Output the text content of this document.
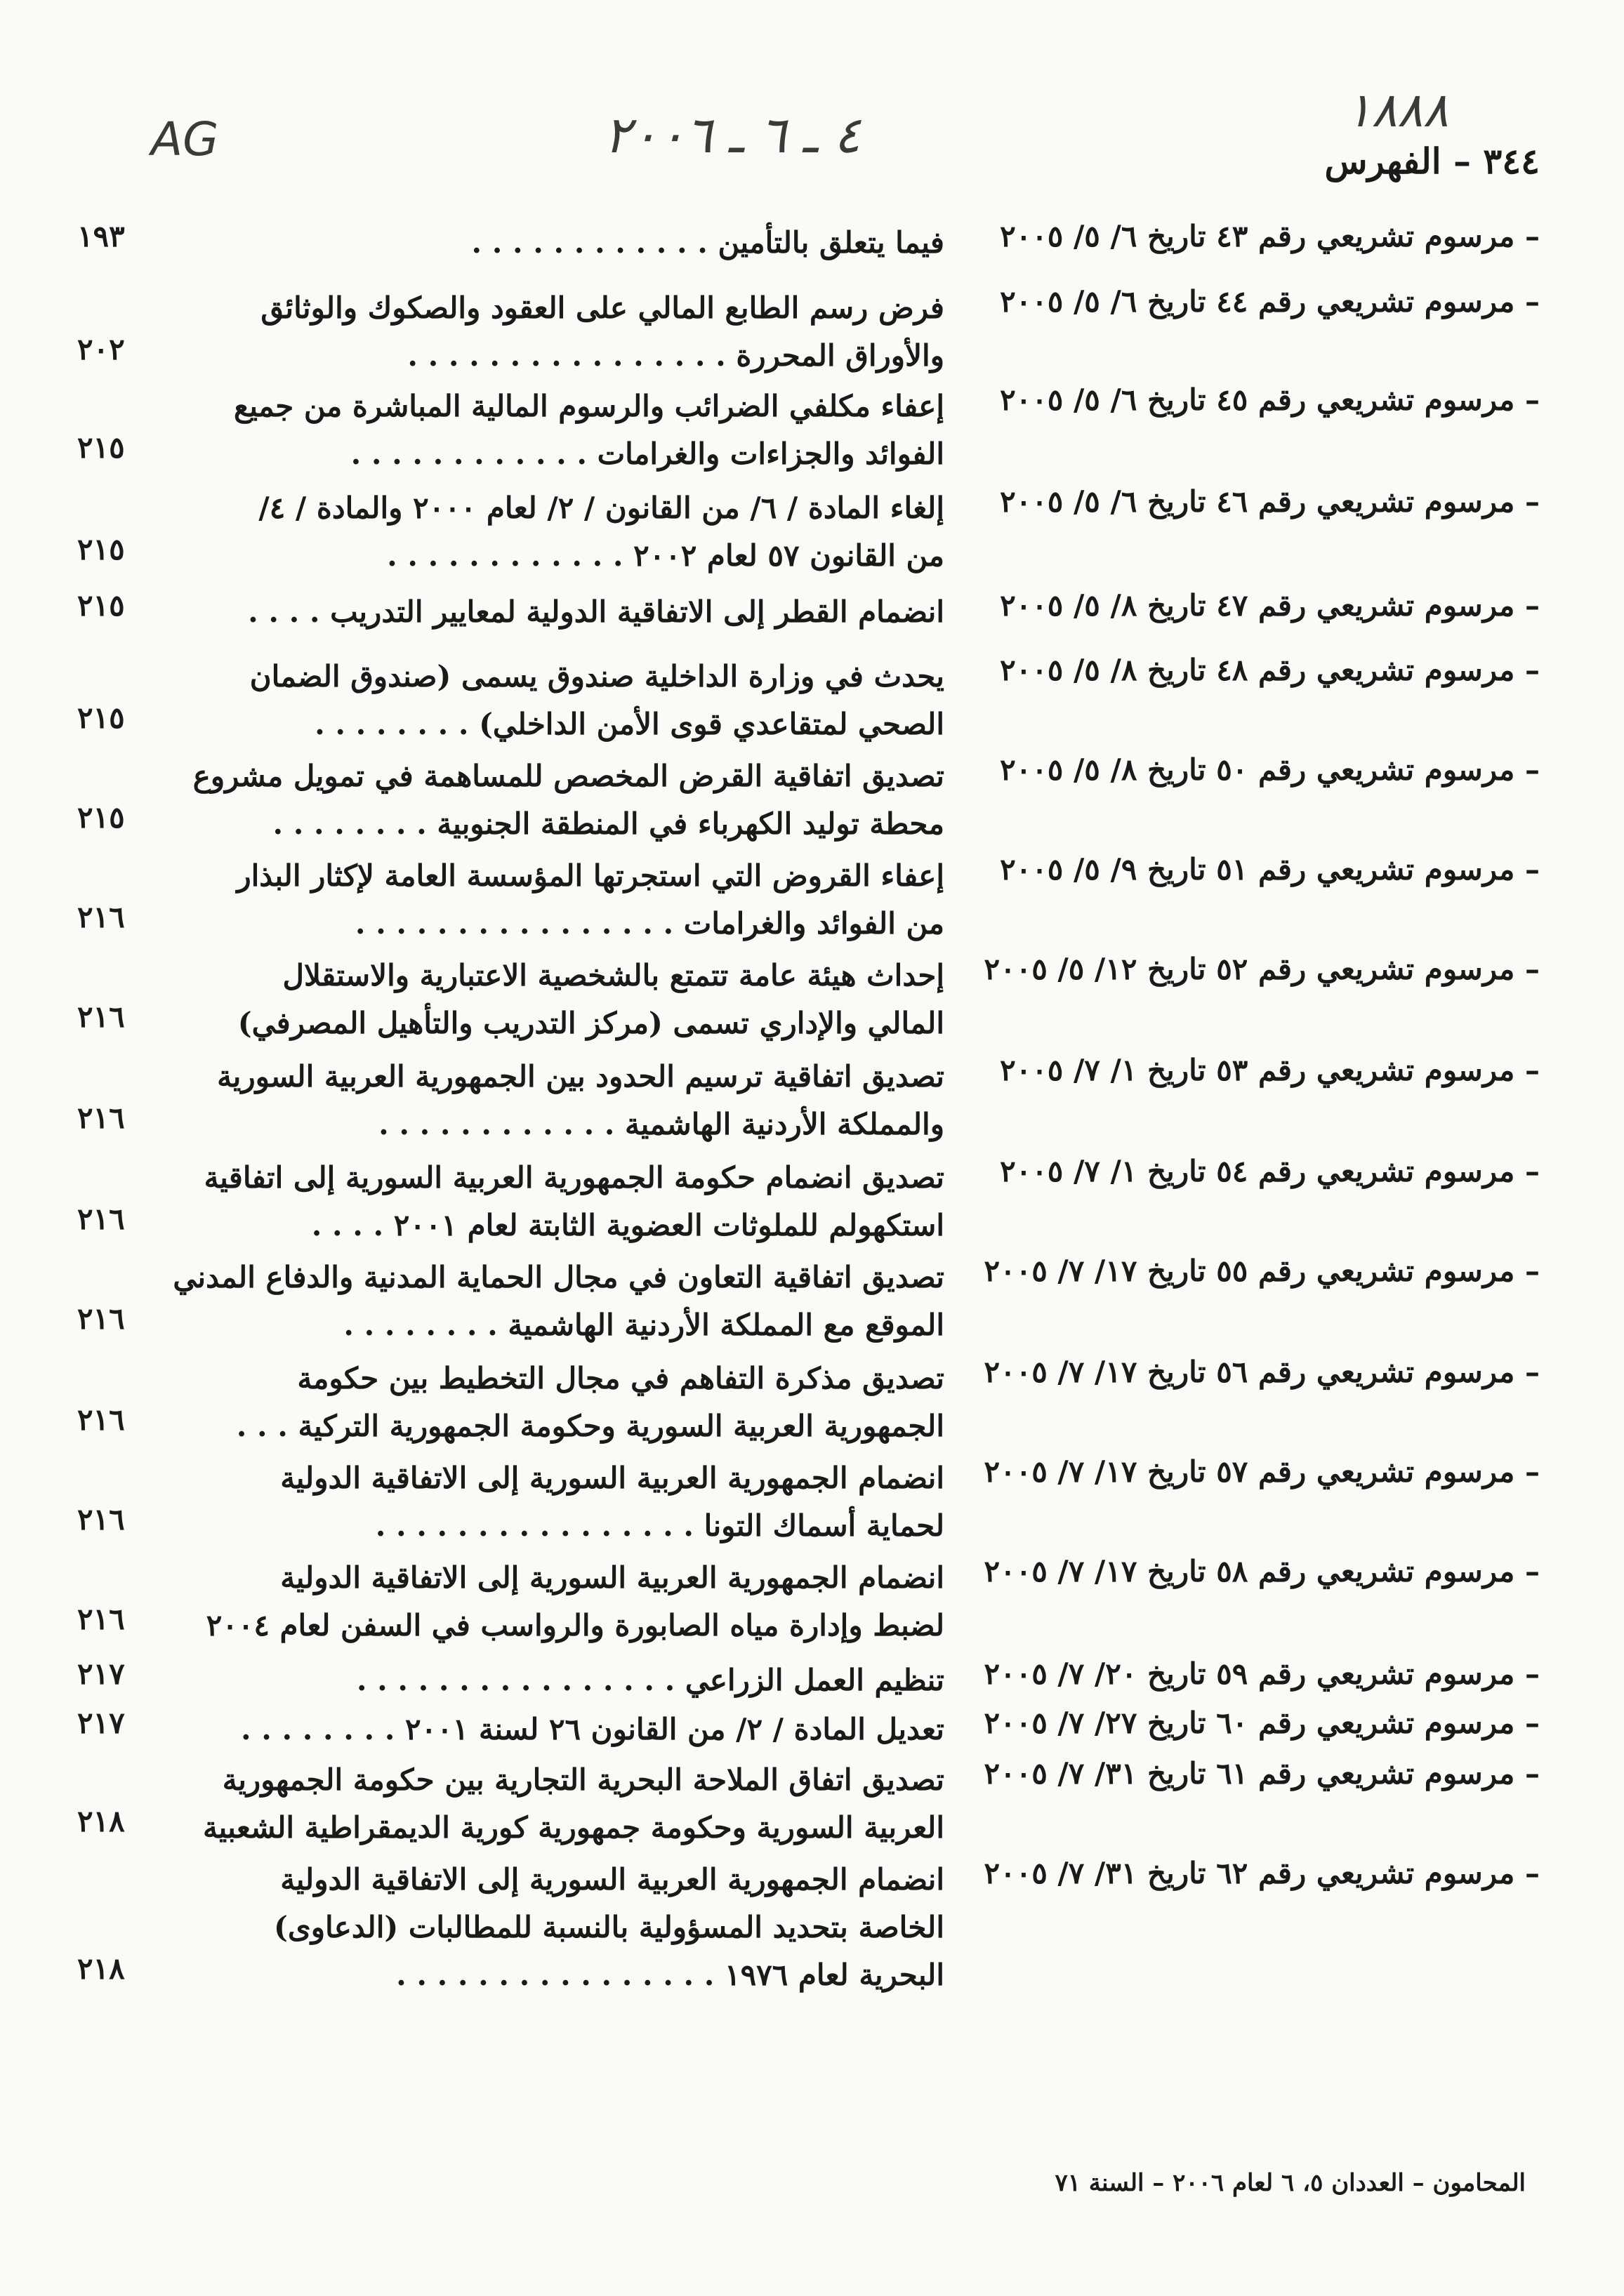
AG	٤ ـ ٦ ـ ٢٠٠٦	١٨٨٨
٣٤٤ – الفهرس
– مرسوم تشريعي رقم ٤٣ تاريخ ٦/ ٥/ ٢٠٠٥
فيما يتعلق بالتأمين . . . . . . . . . . . .
١٩٣
– مرسوم تشريعي رقم ٤٤ تاريخ ٦/ ٥/ ٢٠٠٥
فرض رسم الطابع المالي على العقود والصكوك والوثائق
والأوراق المحررة . . . . . . . . . . . . . . . .
٢٠٢
– مرسوم تشريعي رقم ٤٥ تاريخ ٦/ ٥/ ٢٠٠٥
إعفاء مكلفي الضرائب والرسوم المالية المباشرة من جميع
الفوائد والجزاءات والغرامات . . . . . . . . . . . .
٢١٥
– مرسوم تشريعي رقم ٤٦ تاريخ ٦/ ٥/ ٢٠٠٥
إلغاء المادة / ٦/ من القانون / ٢/ لعام ٢٠٠٠ والمادة / ٤/
من القانون ٥٧ لعام ٢٠٠٢ . . . . . . . . . . . .
٢١٥
– مرسوم تشريعي رقم ٤٧ تاريخ ٨/ ٥/ ٢٠٠٥
انضمام القطر إلى الاتفاقية الدولية لمعايير التدريب . . . .
٢١٥
– مرسوم تشريعي رقم ٤٨ تاريخ ٨/ ٥/ ٢٠٠٥
يحدث في وزارة الداخلية صندوق يسمى (صندوق الضمان
الصحي لمتقاعدي قوى الأمن الداخلي) . . . . . . . .
٢١٥
– مرسوم تشريعي رقم ٥٠ تاريخ ٨/ ٥/ ٢٠٠٥
تصديق اتفاقية القرض المخصص للمساهمة في تمويل مشروع
محطة توليد الكهرباء في المنطقة الجنوبية . . . . . . . .
٢١٥
– مرسوم تشريعي رقم ٥١ تاريخ ٩/ ٥/ ٢٠٠٥
إعفاء القروض التي استجرتها المؤسسة العامة لإكثار البذار
من الفوائد والغرامات . . . . . . . . . . . . . . . .
٢١٦
– مرسوم تشريعي رقم ٥٢ تاريخ ١٢/ ٥/ ٢٠٠٥
إحداث هيئة عامة تتمتع بالشخصية الاعتبارية والاستقلال
المالي والإداري تسمى (مركز التدريب والتأهيل المصرفي)
٢١٦
– مرسوم تشريعي رقم ٥٣ تاريخ ١/ ٧/ ٢٠٠٥
تصديق اتفاقية ترسيم الحدود بين الجمهورية العربية السورية
والمملكة الأردنية الهاشمية . . . . . . . . . . . .
٢١٦
– مرسوم تشريعي رقم ٥٤ تاريخ ١/ ٧/ ٢٠٠٥
تصديق انضمام حكومة الجمهورية العربية السورية إلى اتفاقية
استكهولم للملوثات العضوية الثابتة لعام ٢٠٠١ . . . .
٢١٦
– مرسوم تشريعي رقم ٥٥ تاريخ ١٧/ ٧/ ٢٠٠٥
تصديق اتفاقية التعاون في مجال الحماية المدنية والدفاع المدني
الموقع مع المملكة الأردنية الهاشمية . . . . . . . .
٢١٦
– مرسوم تشريعي رقم ٥٦ تاريخ ١٧/ ٧/ ٢٠٠٥
تصديق مذكرة التفاهم في مجال التخطيط بين حكومة
الجمهورية العربية السورية وحكومة الجمهورية التركية . . .
٢١٦
– مرسوم تشريعي رقم ٥٧ تاريخ ١٧/ ٧/ ٢٠٠٥
انضمام الجمهورية العربية السورية إلى الاتفاقية الدولية
لحماية أسماك التونا . . . . . . . . . . . . . . . .
٢١٦
– مرسوم تشريعي رقم ٥٨ تاريخ ١٧/ ٧/ ٢٠٠٥
انضمام الجمهورية العربية السورية إلى الاتفاقية الدولية
لضبط وإدارة مياه الصابورة والرواسب في السفن لعام ٢٠٠٤
٢١٦
– مرسوم تشريعي رقم ٥٩ تاريخ ٢٠/ ٧/ ٢٠٠٥
تنظيم العمل الزراعي . . . . . . . . . . . . . . . .
٢١٧
– مرسوم تشريعي رقم ٦٠ تاريخ ٢٧/ ٧/ ٢٠٠٥
تعديل المادة / ٢/ من القانون ٢٦ لسنة ٢٠٠١ . . . . . . . .
٢١٧
– مرسوم تشريعي رقم ٦١ تاريخ ٣١/ ٧/ ٢٠٠٥
تصديق اتفاق الملاحة البحرية التجارية بين حكومة الجمهورية
العربية السورية وحكومة جمهورية كورية الديمقراطية الشعبية
٢١٨
– مرسوم تشريعي رقم ٦٢ تاريخ ٣١/ ٧/ ٢٠٠٥
انضمام الجمهورية العربية السورية إلى الاتفاقية الدولية
الخاصة بتحديد المسؤولية بالنسبة للمطالبات (الدعاوى)
البحرية لعام ١٩٧٦ . . . . . . . . . . . . . . . .
٢١٨
المحامون – العددان ٥، ٦ لعام ٢٠٠٦ – السنة ٧١
